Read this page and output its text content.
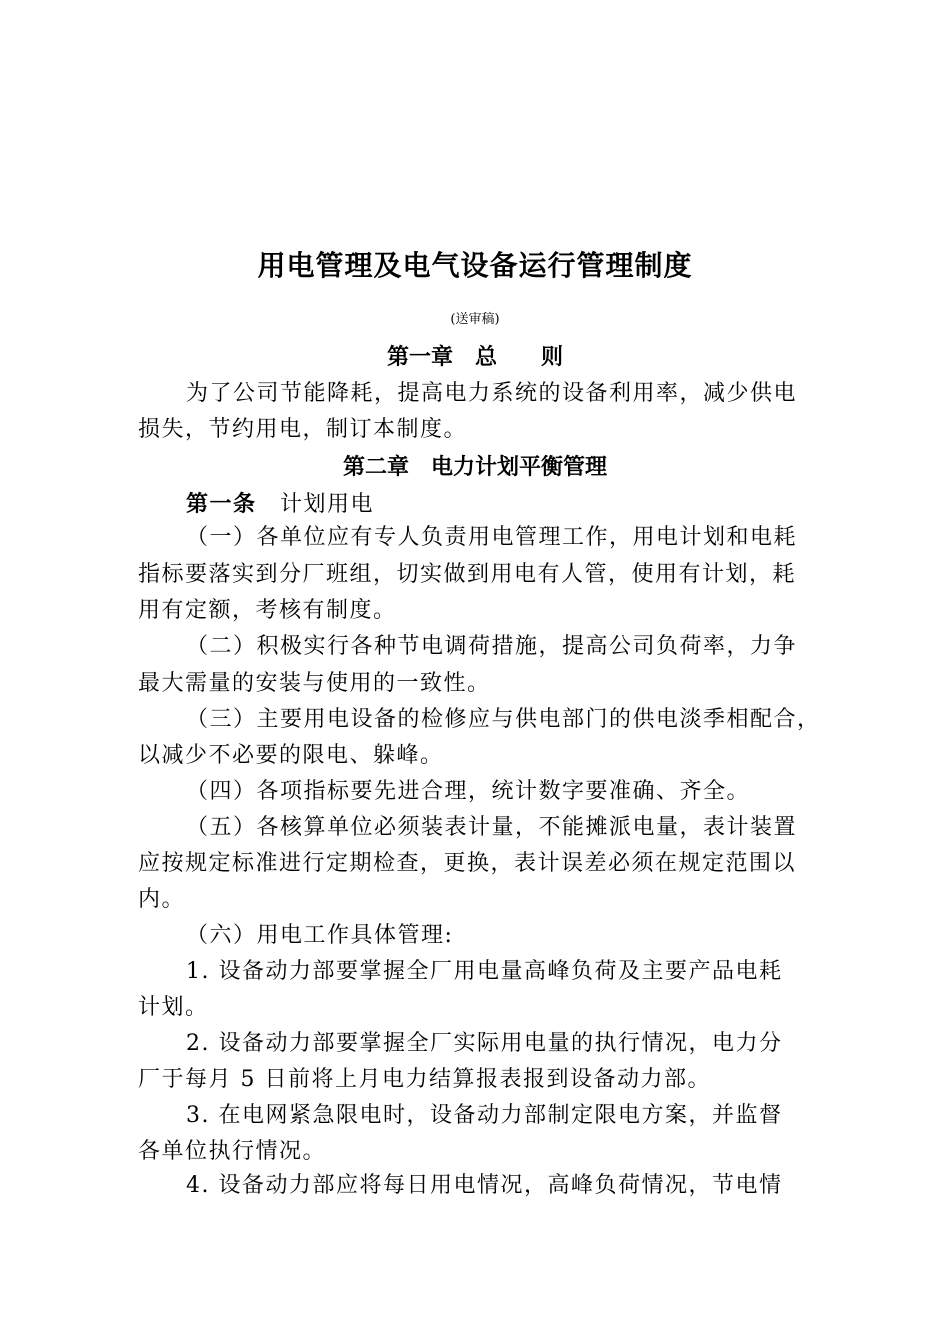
用电管理及电气设备运行管理制度
(送审稿)
第一章　总　　则
为了公司节能降耗，提高电力系统的设备利用率，减少供电
损失，节约用电，制订本制度。
第二章　电力计划平衡管理
第一条　 计划用电
（一）各单位应有专人负责用电管理工作，用电计划和电耗
指标要落实到分厂班组，切实做到用电有人管，使用有计划，耗
用有定额，考核有制度。
（二）积极实行各种节电调荷措施，提高公司负荷率，力争
最大需量的安装与使用的一致性。
（三）主要用电设备的检修应与供电部门的供电淡季相配合，
以减少不必要的限电、躲峰。
（四）各项指标要先进合理，统计数字要准确、齐全。
（五）各核算单位必须装表计量，不能摊派电量，表计装置
应按规定标准进行定期检查，更换，表计误差必须在规定范围以
内。
（六）用电工作具体管理:
1. 设备动力部要掌握全厂用电量高峰负荷及主要产品电耗
计划。
2. 设备动力部要掌握全厂实际用电量的执行情况，电力分
厂于每月 5 日前将上月电力结算报表报到设备动力部。
3. 在电网紧急限电时，设备动力部制定限电方案，并监督
各单位执行情况。
4. 设备动力部应将每日用电情况，高峰负荷情况，节电情
